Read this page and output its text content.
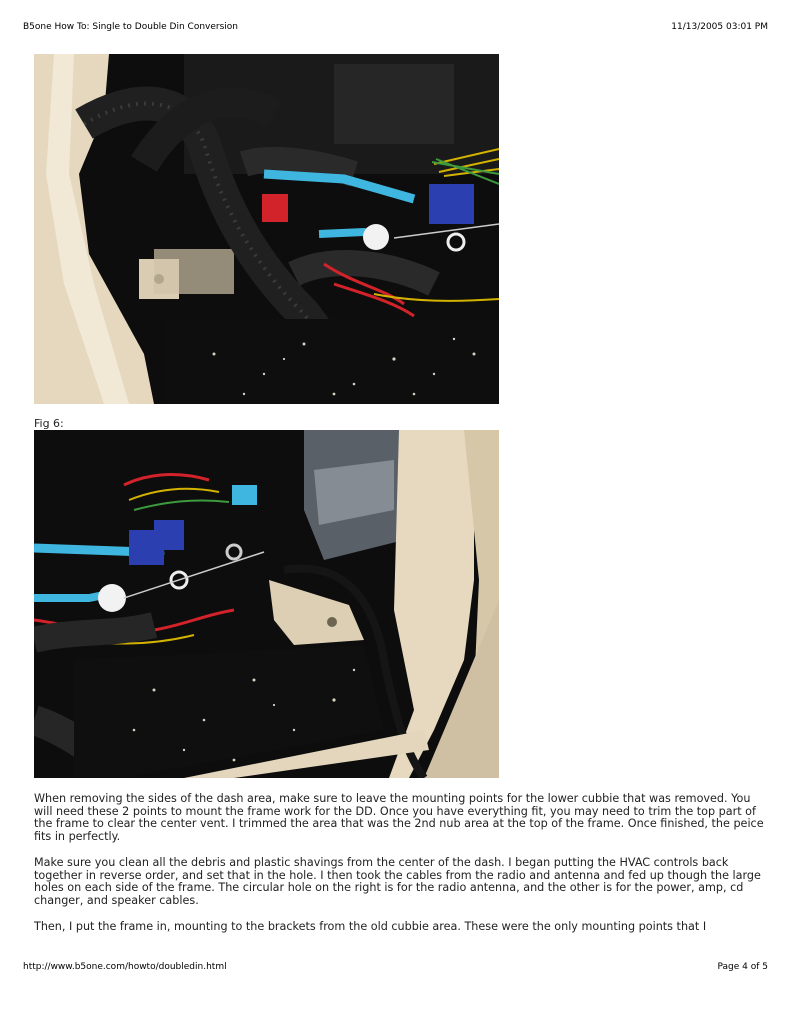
B5one How To: Single to Double Din Conversion	11/13/2005 03:01 PM
Fig 6:

When removing the sides of the dash area, make sure to leave the mounting points for the lower cubbie that was removed. You will need these 2 points to mount the frame work for the DD. Once you have everything fit, you may need to trim the top part of the frame to clear the center vent. I trimmed the area that was the 2nd nub area at the top of the frame. Once finished, the peice fits in perfectly.

Make sure you clean all the debris and plastic shavings from the center of the dash. I began putting the HVAC controls back together in reverse order, and set that in the hole. I then took the cables from the radio and antenna and fed up though the large holes on each side of the frame. The circular hole on the right is for the radio antenna, and the other is for the power, amp, cd changer, and speaker cables.

Then, I put the frame in, mounting to the brackets from the old cubbie area. These were the only mounting points that I

http://www.b5one.com/howto/doubledin.html	Page 4 of 5
